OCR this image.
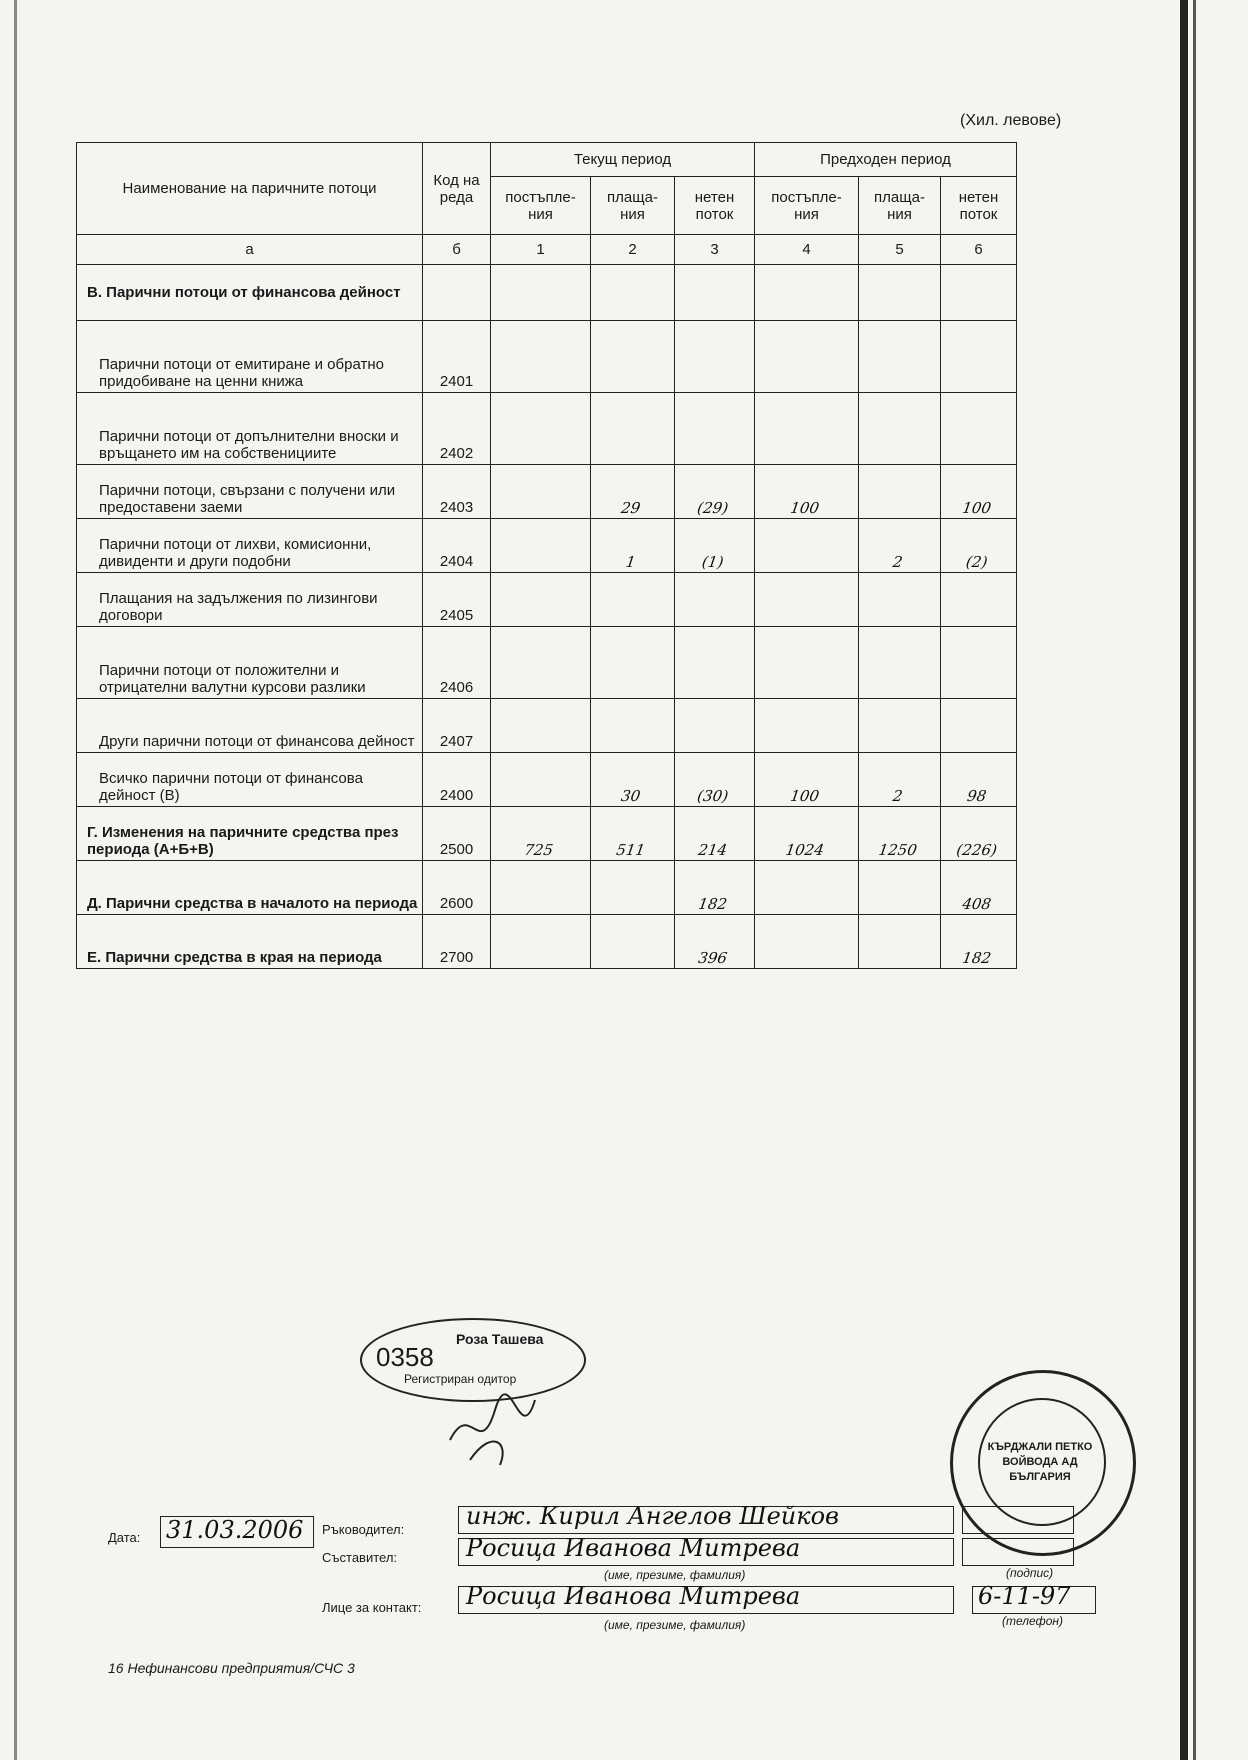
(Хил. левове)
Наименование на паричните потоци	Код на реда	Текущ период			Предходен период		
		постъпле-ния	плаща-ния	нетен поток	постъпле-ния	плаща-ния	нетен поток
а	б	1	2	3	4	5	6
В. Парични потоци от финансова дейност							
Парични потоци от емитиране и обратно придобиване на ценни книжа	2401						
Парични потоци от допълнителни вноски и връщането им на собственициите	2402						
Парични потоци, свързани с получени или предоставени заеми	2403		29	(29)	100		100
Парични потоци от лихви, комисионни, дивиденти и други подобни	2404		1	(1)		2	(2)
Плащания на задължения по лизингови договори	2405						
Парични потоци от положителни и отрицателни валутни курсови разлики	2406						
Други парични потоци от финансова дейност	2407						
Всичко парични потоци от финансова дейност (В)	2400		30	(30)	100	2	98
Г. Изменения на паричните средства през периода (А+Б+В)	2500	725	511	214	1024	1250	(226)
Д. Парични средства в началото на периода	2600			182			408
Е. Парични средства в края на периода	2700			396			182
0358
Роза Ташева
Регистриран одитор
КЪРДЖАЛИ ПЕТКО ВОЙВОДА АД БЪЛГАРИЯ
Дата: 31.03.2006 Ръководител:	инж. Кирил Ангелов Шейков
Съставител:	Росица Иванова Митрева
(име, презиме, фамилия)	(подпис)
Лице за контакт: Росица Иванова Митрева	6-11-97
(име, презиме, фамилия)	(телефон)
16 Нефинансови предприятия/СЧС 3
